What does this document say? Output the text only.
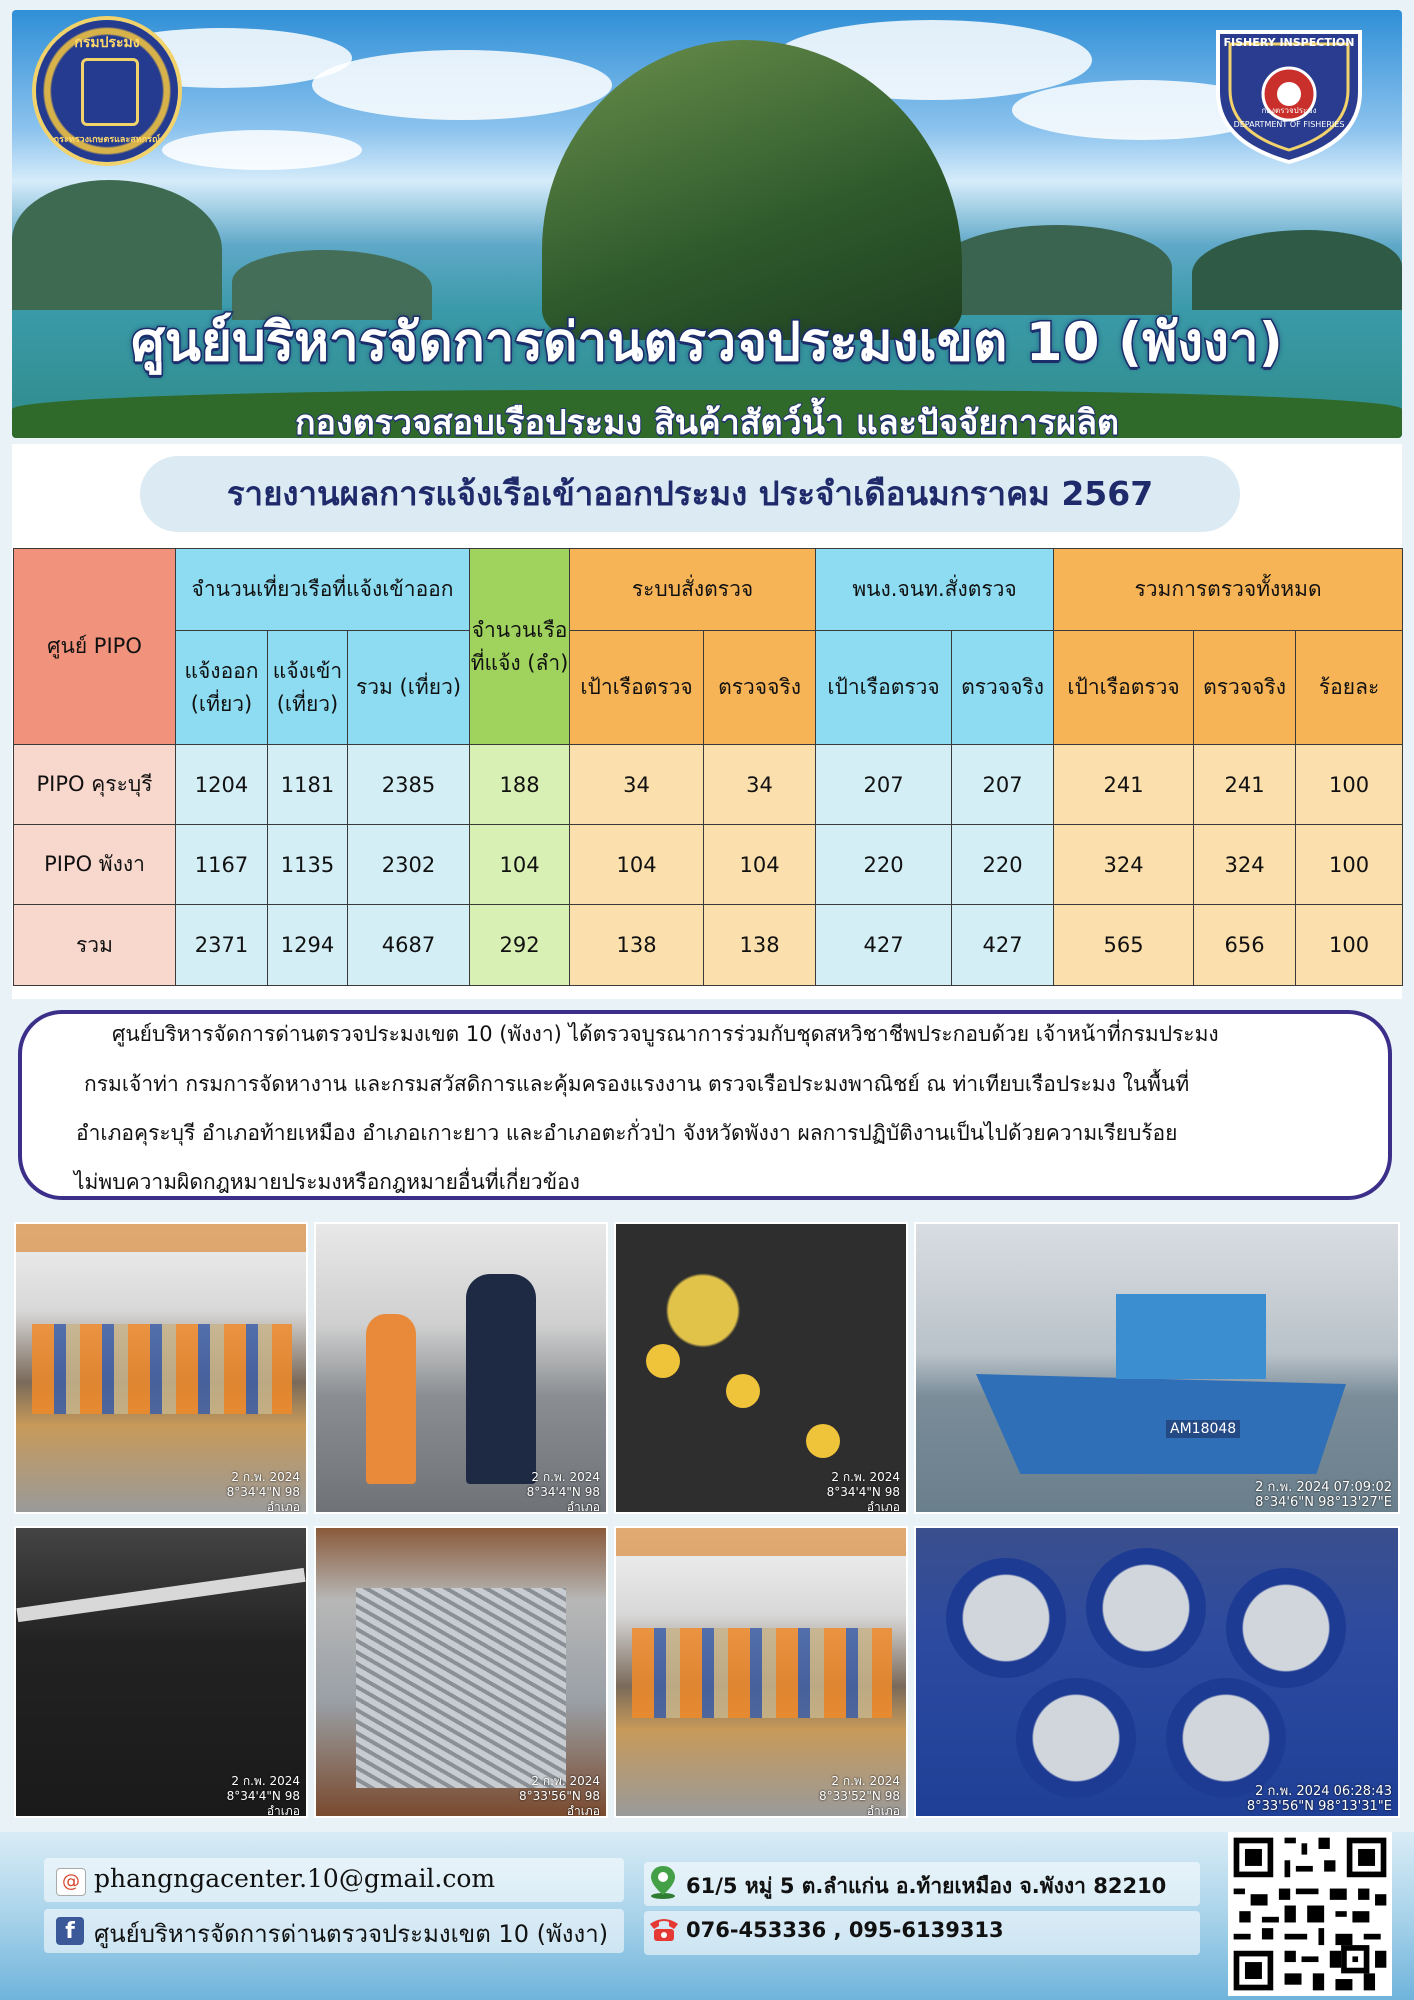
กรมประมง
กระทรวงเกษตรและสหกรณ์
FISHERY INSPECTION
กองตรวจประมง
DEPARTMENT OF FISHERIES
ศูนย์บริหารจัดการด่านตรวจประมงเขต 10 (พังงา)
กองตรวจสอบเรือประมง สินค้าสัตว์น้ำ และปัจจัยการผลิต
รายงานผลการแจ้งเรือเข้าออกประมง ประจำเดือนมกราคม 2567
ศูนย์ PIPO	จำนวนเที่ยวเรือที่แจ้งเข้าออก			จำนวนเรือที่แจ้ง (ลำ)	ระบบสั่งตรวจ		พนง.จนท.สั่งตรวจ		รวมการตรวจทั้งหมด		
	แจ้งออก (เที่ยว)	แจ้งเข้า (เที่ยว)	รวม (เที่ยว)		เป้าเรือตรวจ	ตรวจจริง	เป้าเรือตรวจ	ตรวจจริง	เป้าเรือตรวจ	ตรวจจริง	ร้อยละ
PIPO คุระบุรี	1204	1181	2385	188	34	34	207	207	241	241	100
PIPO พังงา	1167	1135	2302	104	104	104	220	220	324	324	100
รวม	2371	1294	4687	292	138	138	427	427	565	656	100
ศูนย์บริหารจัดการด่านตรวจประมงเขต 10 (พังงา) ได้ตรวจบูรณาการร่วมกับชุดสหวิชาชีพประกอบด้วย เจ้าหน้าที่กรมประมง
กรมเจ้าท่า กรมการจัดหางาน และกรมสวัสดิการและคุ้มครองแรงงาน ตรวจเรือประมงพาณิชย์ ณ ท่าเทียบเรือประมง ในพื้นที่
อำเภอคุระบุรี อำเภอท้ายเหมือง อำเภอเกาะยาว และอำเภอตะกั่วป่า จังหวัดพังงา ผลการปฏิบัติงานเป็นไปด้วยความเรียบร้อย
ไม่พบความผิดกฎหมายประมงหรือกฎหมายอื่นที่เกี่ยวข้อง
2 ก.พ. 2024
8°34'4"N 98
อำเภอ
2 ก.พ. 2024
8°34'4"N 98
อำเภอ
2 ก.พ. 2024
8°34'4"N 98
อำเภอ
AM18048
2 ก.พ. 2024 07:09:02
8°34'6"N 98°13'27"E
2 ก.พ. 2024
8°34'4"N 98
อำเภอ
2 ก.พ. 2024
8°33'56"N 98
อำเภอ
2 ก.พ. 2024
8°33'52"N 98
อำเภอ
2 ก.พ. 2024 06:28:43
8°33'56"N 98°13'31"E
@ phangngacenter.10@gmail.com
f ศูนย์บริหารจัดการด่านตรวจประมงเขต 10 (พังงา)
61/5 หมู่ 5 ต.ลำแก่น อ.ท้ายเหมือง จ.พังงา 82210
076-453336 , 095-6139313
